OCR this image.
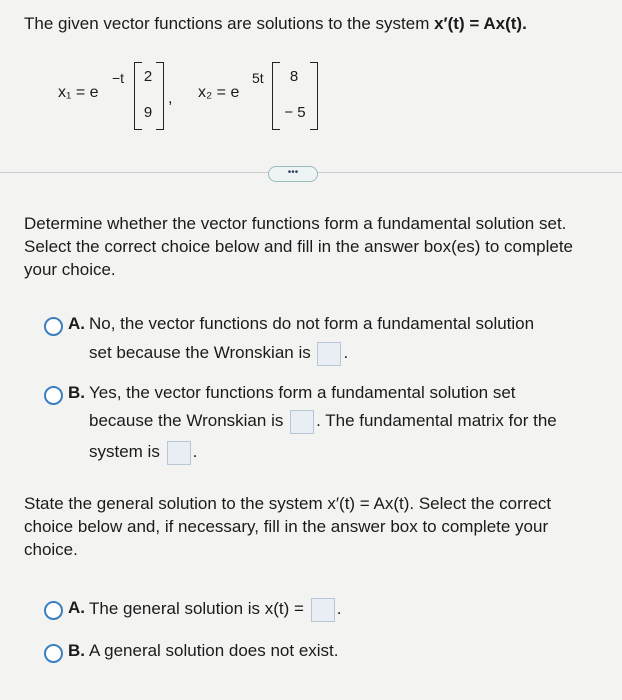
The given vector functions are solutions to the system x′(t) = Ax(t).
x₁ = e
−t	2
9
, x₂ = e
5t	8
− 5
•••
Determine whether the vector functions form a fundamental solution set. Select the correct choice below and fill in the answer box(es) to complete your choice.
A. No, the vector functions do not form a fundamental solution
set because the Wronskian is .
B. Yes, the vector functions form a fundamental solution set
because the Wronskian is . The fundamental matrix for the
system is .
State the general solution to the system x′(t) = Ax(t). Select the correct choice below and, if necessary, fill in the answer box to complete your choice.
A. The general solution is x(t) = .
B. A general solution does not exist.
